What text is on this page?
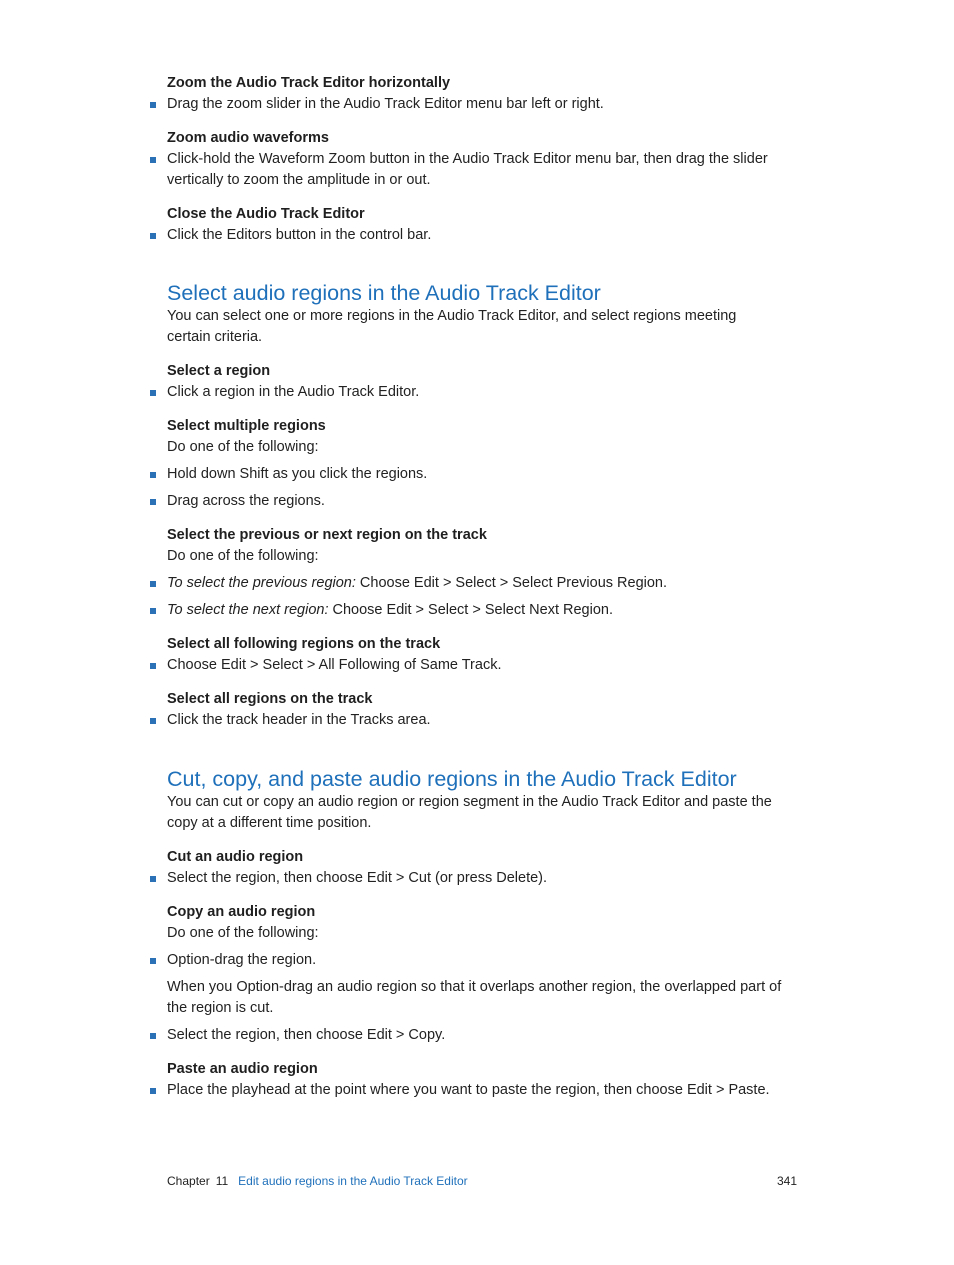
Zoom the Audio Track Editor horizontally

Drag the zoom slider in the Audio Track Editor menu bar left or right.

Zoom audio waveforms

Click-hold the Waveform Zoom button in the Audio Track Editor menu bar, then drag the slider vertically to zoom the amplitude in or out.

Close the Audio Track Editor

Click the Editors button in the control bar.

Select audio regions in the Audio Track Editor

You can select one or more regions in the Audio Track Editor, and select regions meeting certain criteria.

Select a region

Click a region in the Audio Track Editor.

Select multiple regions

Do one of the following:

Hold down Shift as you click the regions.

Drag across the regions.

Select the previous or next region on the track

Do one of the following:

To select the previous region: Choose Edit > Select > Select Previous Region.

To select the next region: Choose Edit > Select > Select Next Region.

Select all following regions on the track

Choose Edit > Select > All Following of Same Track.

Select all regions on the track

Click the track header in the Tracks area.

Cut, copy, and paste audio regions in the Audio Track Editor

You can cut or copy an audio region or region segment in the Audio Track Editor and paste the copy at a different time position.

Cut an audio region

Select the region, then choose Edit > Cut (or press Delete).

Copy an audio region

Do one of the following:

Option-drag the region.

When you Option-drag an audio region so that it overlaps another region, the overlapped part of the region is cut.

Select the region, then choose Edit > Copy.

Paste an audio region

Place the playhead at the point where you want to paste the region, then choose Edit > Paste.

Chapter 11 Edit audio regions in the Audio Track Editor	341
